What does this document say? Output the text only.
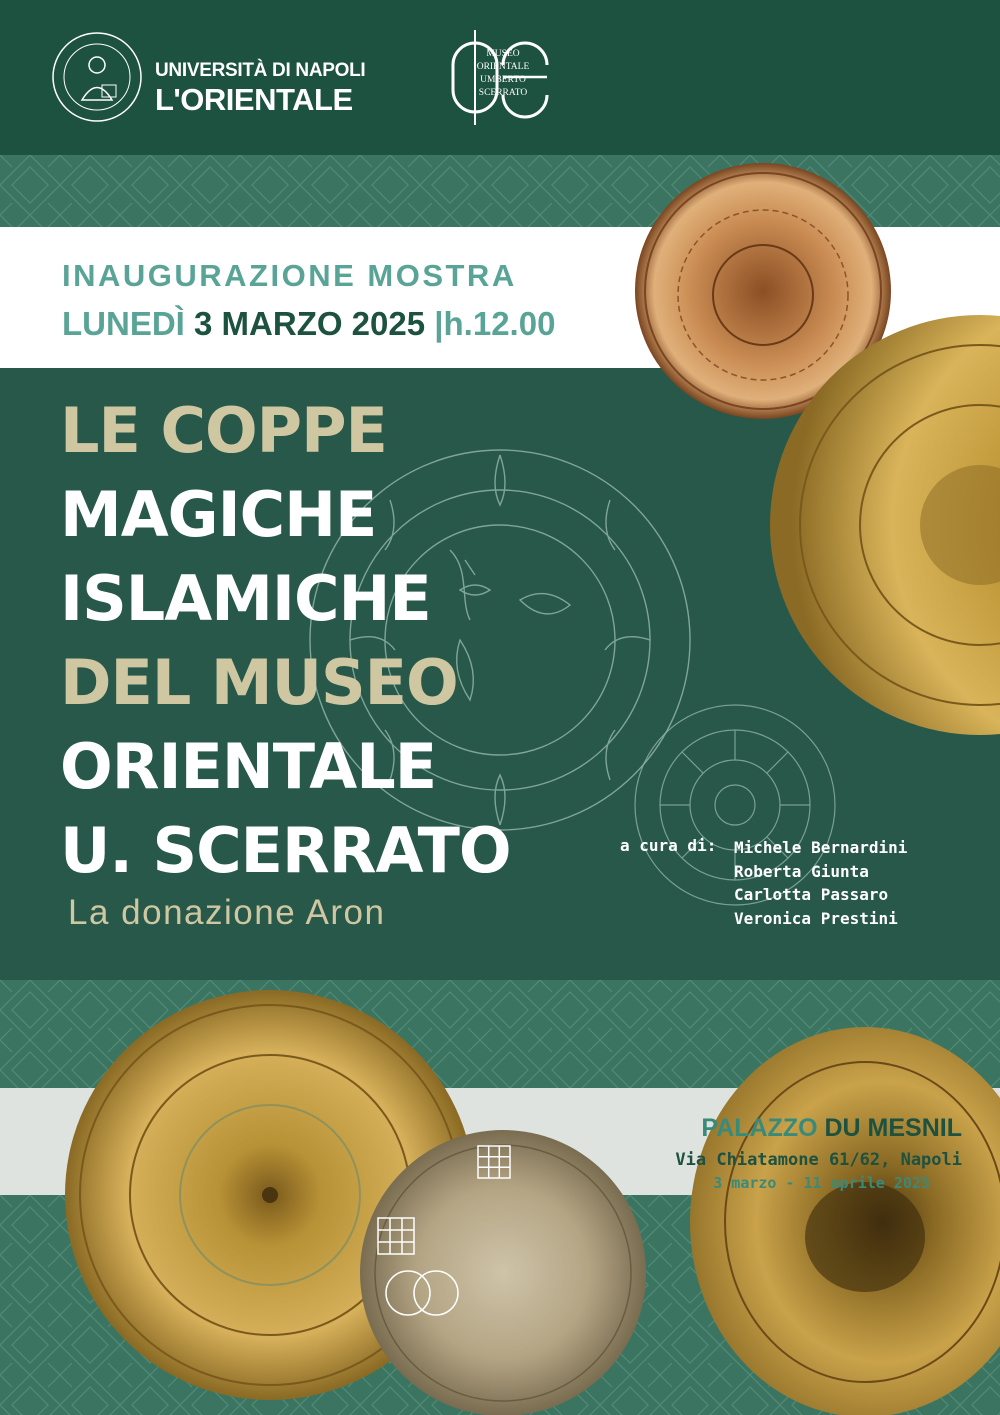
UNIVERSITÀ DI NAPOLI
L'ORIENTALE
MUSEO
ORIENTALE
UMBERTO
SCERRATO
INAUGURAZIONE MOSTRA
LUNEDÌ 3 MARZO 2025 |h.12.00
LE COPPE
MAGICHE
ISLAMICHE
DEL MUSEO
ORIENTALE
U. SCERRATO
La donazione Aron
a cura di: Michele Bernardini
Roberta Giunta
Carlotta Passaro
Veronica Prestini
PALAZZO DU MESNIL
Via Chiatamone 61/62, Napoli
3 marzo - 11 aprile 2025
